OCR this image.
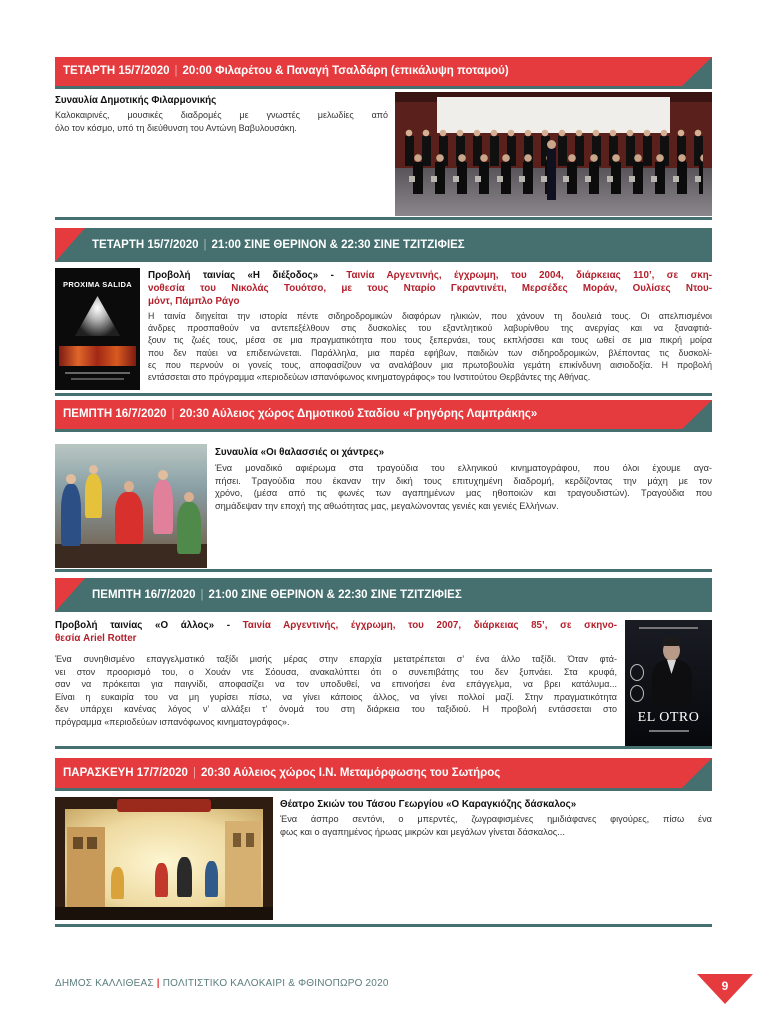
ΤΕΤΑΡΤΗ 15/7/2020 | 20:00 Φιλαρέτου & Παναγή Τσαλδάρη (επικάλυψη ποταμού)
Συναυλία Δημοτικής Φιλαρμονικής
Καλοκαιρινές, μουσικές διαδρομές με γνωστές μελωδίες από
όλο τον κόσμο, υπό τη διεύθυνση του Αντώνη Βαβυλουσάκη.
ΤΕΤΑΡΤΗ 15/7/2020 | 21:00 ΣΙΝΕ ΘΕΡΙΝΟΝ & 22:30 ΣΙΝΕ ΤΖΙΤΖΙΦΙΕΣ
PROXIMA SALIDA
Προβολή ταινίας «Η διέξοδος» - Ταινία Αργεντινής, έγχρωμη, του 2004, διάρκειας 110’, σε σκη-
νοθεσία του Νικολάς Τουότσο, με τους Νταρίο Γκραντινέτι, Μερσέδες Μοράν, Ουλίσες Ντου-
μόντ, Πάμπλο Ράγο
Η ταινία διηγείται την ιστορία πέντε σιδηροδρομικών διαφόρων ηλικιών, που χάνουν τη δουλειά τους. Οι απελπισμένοι
άνδρες προσπαθούν να αντεπεξέλθουν στις δυσκολίες του εξαντλητικού λαβυρίνθου της ανεργίας και να ξαναφτιά-
ξουν τις ζωές τους, μέσα σε μια πραγματικότητα που τους ξεπερνάει, τους εκπλήσσει και τους ωθεί σε μια πικρή μοίρα
που δεν παύει να επιδεινώνεται. Παράλληλα, μια παρέα εφήβων, παιδιών των σιδηροδρομικών, βλέποντας τις δυσκολί-
ες που περνούν οι γονείς τους, αποφασίζουν να αναλάβουν μια πρωτοβουλία γεμάτη επικίνδυνη αισιοδοξία. Η προβολή
εντάσσεται στο πρόγραμμα «περιοδεύων ισπανόφωνος κινηματογράφος» του Ινστιτούτου Θερβάντες της Αθήνας.
ΠΕΜΠΤΗ 16/7/2020 | 20:30 Αύλειος χώρος Δημοτικού Σταδίου «Γρηγόρης Λαμπράκης»
Συναυλία «Οι θαλασσιές οι χάντρες»
Ένα μοναδικό αφιέρωμα στα τραγούδια του ελληνικού κινηματογράφου, που όλοι έχουμε αγα-
πήσει. Τραγούδια που έκαναν την δική τους επιτυχημένη διαδρομή, κερδίζοντας την μάχη με τον
χρόνο, (μέσα από τις φωνές των αγαπημένων μας ηθοποιών και τραγουδιστών). Τραγούδια που
σημάδεψαν την εποχή της αθωότητας μας, μεγαλώνοντας γενιές και γενιές Ελλήνων.
ΠΕΜΠΤΗ 16/7/2020 | 21:00 ΣΙΝΕ ΘΕΡΙΝΟΝ & 22:30 ΣΙΝΕ ΤΖΙΤΖΙΦΙΕΣ
Προβολή ταινίας «Ο άλλος» - Ταινία Αργεντινής, έγχρωμη, του 2007, διάρκειας 85’, σε σκηνο-
θεσία Ariel Rotter
Ένα συνηθισμένο επαγγελματικό ταξίδι μισής μέρας στην επαρχία μετατρέπεται σ’ ένα άλλο ταξίδι. Όταν φτά-
νει στον προορισμό του, ο Χουάν ντε Σόουσα, ανακαλύπτει ότι ο συνεπιβάτης του δεν ξυπνάει. Στα κρυφά,
σαν να πρόκειται για παιγνίδι, αποφασίζει να τον υποδυθεί, να επινοήσει ένα επάγγελμα, να βρει κατάλυμα...
Είναι η ευκαιρία του να μη γυρίσει πίσω, να γίνει κάποιος άλλος, να γίνει πολλοί μαζί. Στην πραγματικότητα
δεν υπάρχει κανένας λόγος ν’ αλλάξει τ’ όνομά του στη διάρκεια του ταξιδιού. Η προβολή εντάσσεται στο
πρόγραμμα «περιοδεύων ισπανόφωνος κινηματογράφος».	EL OTRO
ΠΑΡΑΣΚΕΥΗ 17/7/2020 | 20:30 Αύλειος χώρος Ι.Ν. Μεταμόρφωσης του Σωτήρος
Θέατρο Σκιών του Τάσου Γεωργίου «Ο Καραγκιόζης δάσκαλος»
Ένα άσπρο σεντόνι, ο μπερντές, ζωγραφισμένες ημιδιάφανες φιγούρες, πίσω ένα
φως και ο αγαπημένος ήρωας μικρών και μεγάλων γίνεται δάσκαλος...
ΔΗΜΟΣ ΚΑΛΛΙΘΕΑΣ | ΠΟΛΙΤΙΣΤΙΚΟ ΚΑΛΟΚΑΙΡΙ & ΦΘΙΝΟΠΩΡΟ 2020	9
